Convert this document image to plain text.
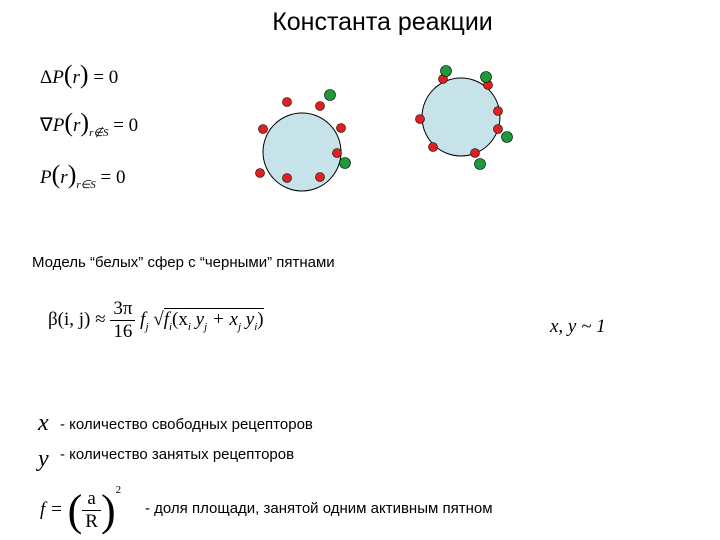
Константа реакции
ΔP(r) = 0
$\nabla P(r)_{r\notin S} = 0$
$P(r)_{r\in S} = 0$
Модель “белых” сфер с “черными” пятнами
β(i, $j) \approx \frac{3\pi}{16} f_j$ $√f_i(x_i$ $y_j + x_j$ $y_i$)	x, y ~ 1
x - количество свободных рецепторов
y - количество занятых рецепторов
f = ( $\frac{a}{R} )^2$
- доля площади, занятой одним активным пятном
